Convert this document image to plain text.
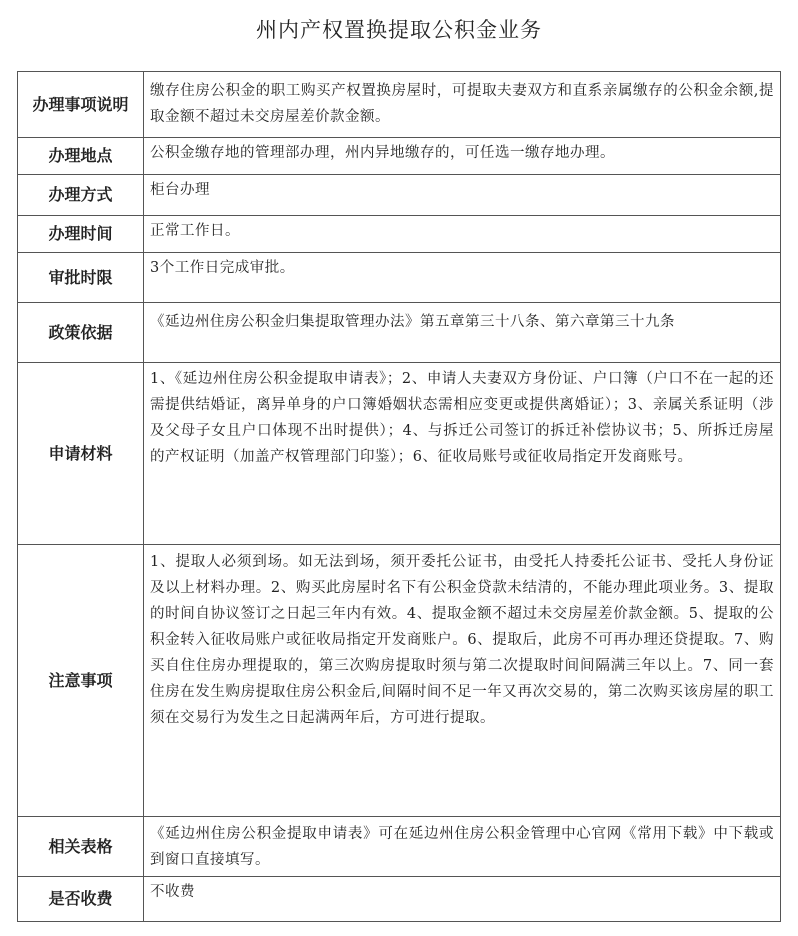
州内产权置换提取公积金业务
办理事项说明	缴存住房公积金的职工购买产权置换房屋时，可提取夫妻双方和直系亲属缴存的公积金余额,提取金额不超过未交房屋差价款金额。
办理地点	公积金缴存地的管理部办理，州内异地缴存的，可任选一缴存地办理。
办理方式	柜台办理
办理时间	正常工作日。
审批时限	3个工作日完成审批。
政策依据	《延边州住房公积金归集提取管理办法》第五章第三十八条、第六章第三十九条
申请材料	1、《延边州住房公积金提取申请表》；2、申请人夫妻双方身份证、户口簿（户口不在一起的还需提供结婚证，离异单身的户口簿婚姻状态需相应变更或提供离婚证）；3、亲属关系证明（涉及父母子女且户口体现不出时提供）；4、与拆迁公司签订的拆迁补偿协议书；5、所拆迁房屋的产权证明（加盖产权管理部门印鉴）；6、征收局账号或征收局指定开发商账号。
注意事项	1、提取人必须到场。如无法到场，须开委托公证书，由受托人持委托公证书、受托人身份证及以上材料办理。2、购买此房屋时名下有公积金贷款未结清的，不能办理此项业务。3、提取的时间自协议签订之日起三年内有效。4、提取金额不超过未交房屋差价款金额。5、提取的公积金转入征收局账户或征收局指定开发商账户。6、提取后，此房不可再办理还贷提取。7、购买自住住房办理提取的，第三次购房提取时须与第二次提取时间间隔满三年以上。7、同一套住房在发生购房提取住房公积金后,间隔时间不足一年又再次交易的，第二次购买该房屋的职工须在交易行为发生之日起满两年后，方可进行提取。
相关表格	《延边州住房公积金提取申请表》可在延边州住房公积金管理中心官网《常用下载》中下载或到窗口直接填写。
是否收费	不收费
